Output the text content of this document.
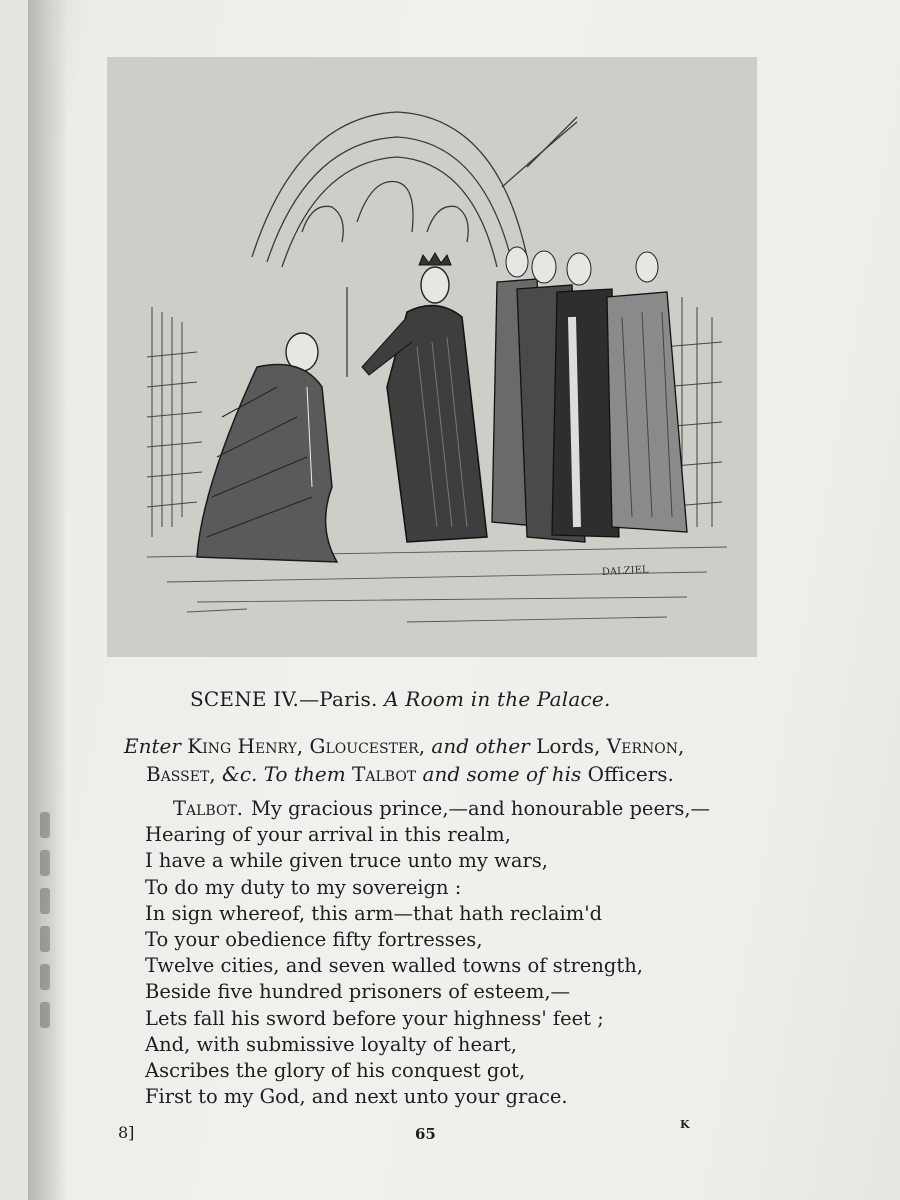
DALZIEL
SCENE IV.—Paris. A Room in the Palace.
Enter King Henry, Gloucester, and other Lords, Vernon,
Basset, &c. To them Talbot and some of his Officers.
Talbot. My gracious prince,—and honourable peers,—
Hearing of your arrival in this realm,
I have a while given truce unto my wars,
To do my duty to my sovereign :
In sign whereof, this arm—that hath reclaim'd
To your obedience fifty fortresses,
Twelve cities, and seven walled towns of strength,
Beside five hundred prisoners of esteem,—
Lets fall his sword before your highness' feet ;
And, with submissive loyalty of heart,
Ascribes the glory of his conquest got,
First to my God, and next unto your grace.
8]	65
K
